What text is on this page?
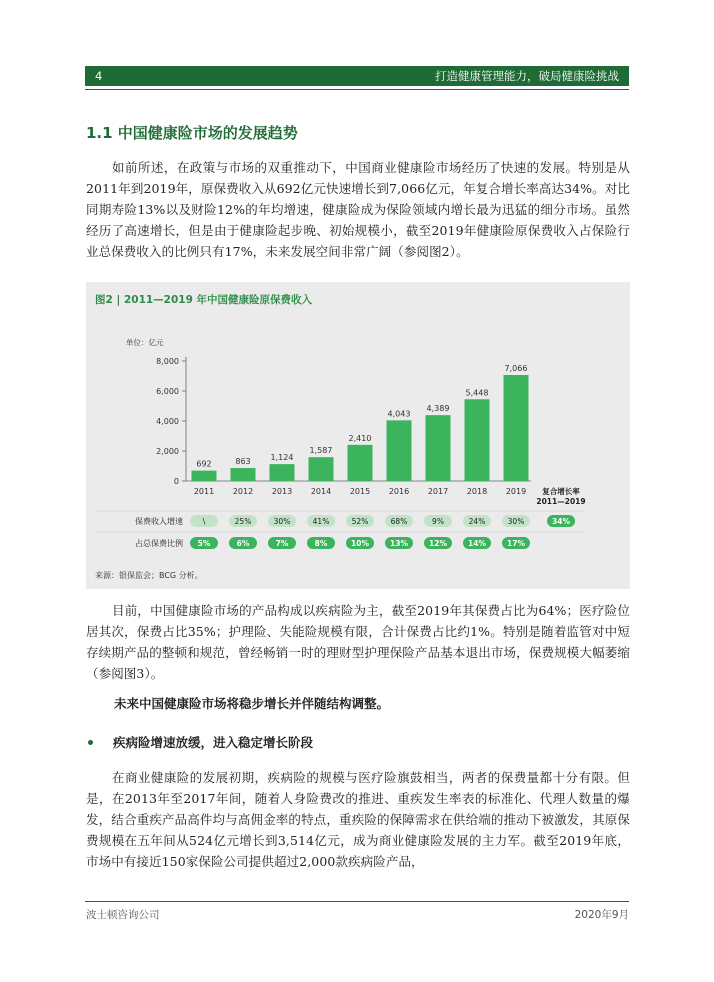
4	打造健康管理能力，破局健康险挑战
1.1 中国健康险市场的发展趋势

如前所述，在政策与市场的双重推动下，中国商业健康险市场经历了快速的发展。特别是从2011年到2019年，原保费收入从692亿元快速增长到7,066亿元，年复合增长率高达34%。对比同期寿险13%以及财险12%的年均增速，健康险成为保险领域内增长最为迅猛的细分市场。虽然经历了高速增长，但是由于健康险起步晚、初始规模小，截至2019年健康险原保费收入占保险行业总保费收入的比例只有17%，未来发展空间非常广阔（参阅图2）。

图2 | 2011—2019 年中国健康险原保费收入
单位：亿元
0
2,000
4,000
6,000
8,000
692
2011
863
2012
1,124
2013
1,587
2014
2,410
2015
4,043
2016
4,389
2017
5,448
2018
7,066
2019 复合增长率
2011—2019
保费收入增速	\	25%	30%	41%	52%	68%	9%	24%	30%	34%
占总保费比例 5%	6%	7%	8%	10%	13%	12%	14%	17%
来源：银保监会；BCG 分析。

目前，中国健康险市场的产品构成以疾病险为主，截至2019年其保费占比为64%；医疗险位居其次，保费占比35%；护理险、失能险规模有限，合计保费占比约1%。特别是随着监管对中短存续期产品的整顿和规范，曾经畅销一时的理财型护理保险产品基本退出市场，保费规模大幅萎缩（参阅图3）。

未来中国健康险市场将稳步增长并伴随结构调整。
疾病险增速放缓，进入稳定增长阶段

在商业健康险的发展初期，疾病险的规模与医疗险旗鼓相当，两者的保费量都十分有限。但是，在2013年至2017年间，随着人身险费改的推进、重疾发生率表的标准化、代理人数量的爆发，结合重疾产品高件均与高佣金率的特点，重疾险的保障需求在供给端的推动下被激发，其原保费规模在五年间从524亿元增长到3,514亿元，成为商业健康险发展的主力军。截至2019年底，市场中有接近150家保险公司提供超过2,000款疾病险产品，

波士顿咨询公司	2020年9月
